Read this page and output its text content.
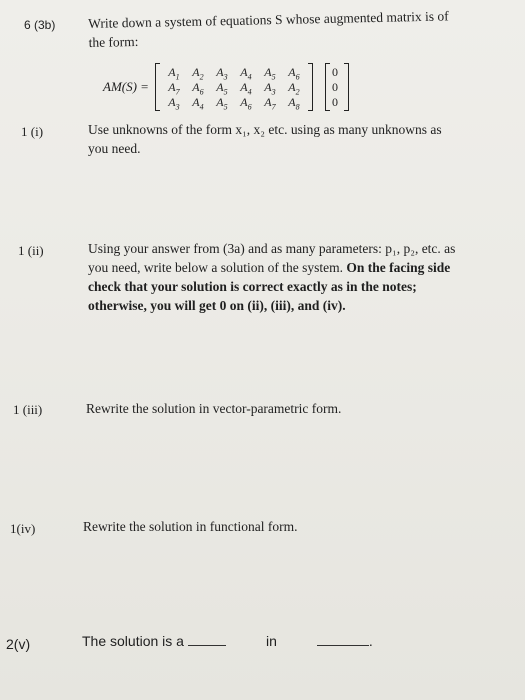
6 (3b) Write down a system of equations S whose augmented matrix is of the form:
AM(S) =
$A_1$	$A_2$	$A_3$	$A_4$	$A_5$	$A_6$
$A_7$	$A_6$	$A_5$	$A_4$	$A_3$	$A_2$
$A_3$	$A_4$	$A_5$	$A_6$	$A_7$	$A_8$
0
0
0
1 (i)	Use unknowns of the form x₁, x₂ etc. using as many unknowns as you need.
1 (ii)	Using your answer from (3a) and as many parameters: p₁, p₂, etc. as you need, write below a solution of the system. On the facing side check that your solution is correct exactly as in the notes; otherwise, you will get 0 on (ii), (iii), and (iv).
1 (iii)	Rewrite the solution in vector-parametric form.
1(iv)	Rewrite the solution in functional form.
2(v)	The solution is a	in	.
